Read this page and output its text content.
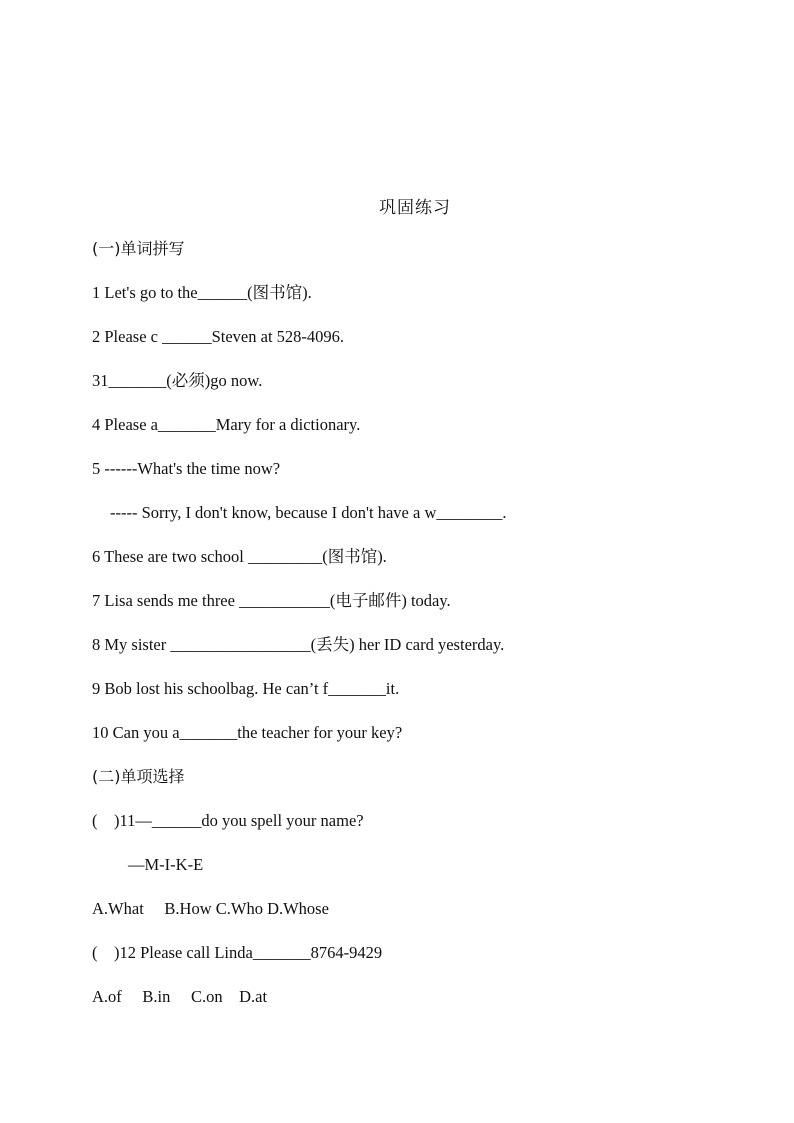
巩固练习
(一)单词拼写
1 Let's go to the______(图书馆).
2 Please c ______Steven at 528-4096.
31_______(必须)go now.
4 Please a_______Mary for a dictionary.
5 ------What's the time now?
----- Sorry, I don't know, because I don't have a w________.
6 These are two school _________(图书馆).
7 Lisa sends me three ___________(电子邮件) today.
8 My sister _________________(丢失) her ID card yesterday.
9 Bob lost his schoolbag. He can’t f_______it.
10 Can you a_______the teacher for your key?
(二)单项选择
(    )11—______do you spell your name?
—M-I-K-E
A.What     B.How C.Who D.Whose
(    )12 Please call Linda_______8764-9429
A.of     B.in     C.on    D.at
